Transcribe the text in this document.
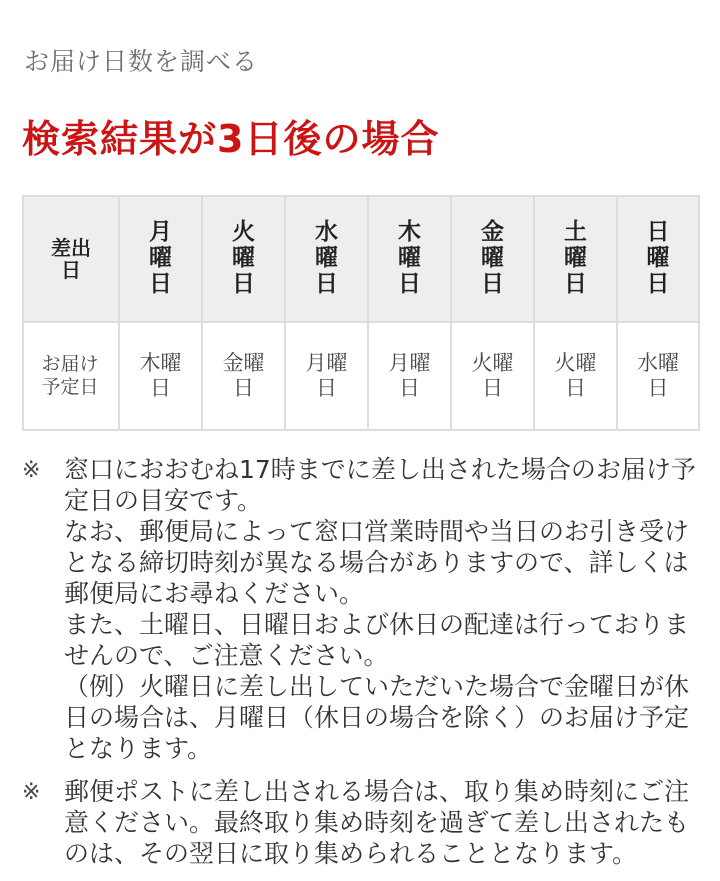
お届け日数を調べる
検索結果が3日後の場合
差出日	月曜日	火曜日	水曜日	木曜日	金曜日	土曜日	日曜日
お届け予定日	木曜日	金曜日	月曜日	月曜日	火曜日	火曜日	水曜日
※ 窓口におおむね17時までに差し出された場合のお届け予定日の目安です。

なお、郵便局によって窓口営業時間や当日のお引き受けとなる締切時刻が異なる場合がありますので、詳しくは郵便局にお尋ねください。

また、土曜日、日曜日および休日の配達は行っておりませんので、ご注意ください。

（例）火曜日に差し出していただいた場合で金曜日が休日の場合は、月曜日（休日の場合を除く）のお届け予定となります。

※ 郵便ポストに差し出される場合は、取り集め時刻にご注意ください。最終取り集め時刻を過ぎて差し出されたものは、その翌日に取り集められることとなります。
